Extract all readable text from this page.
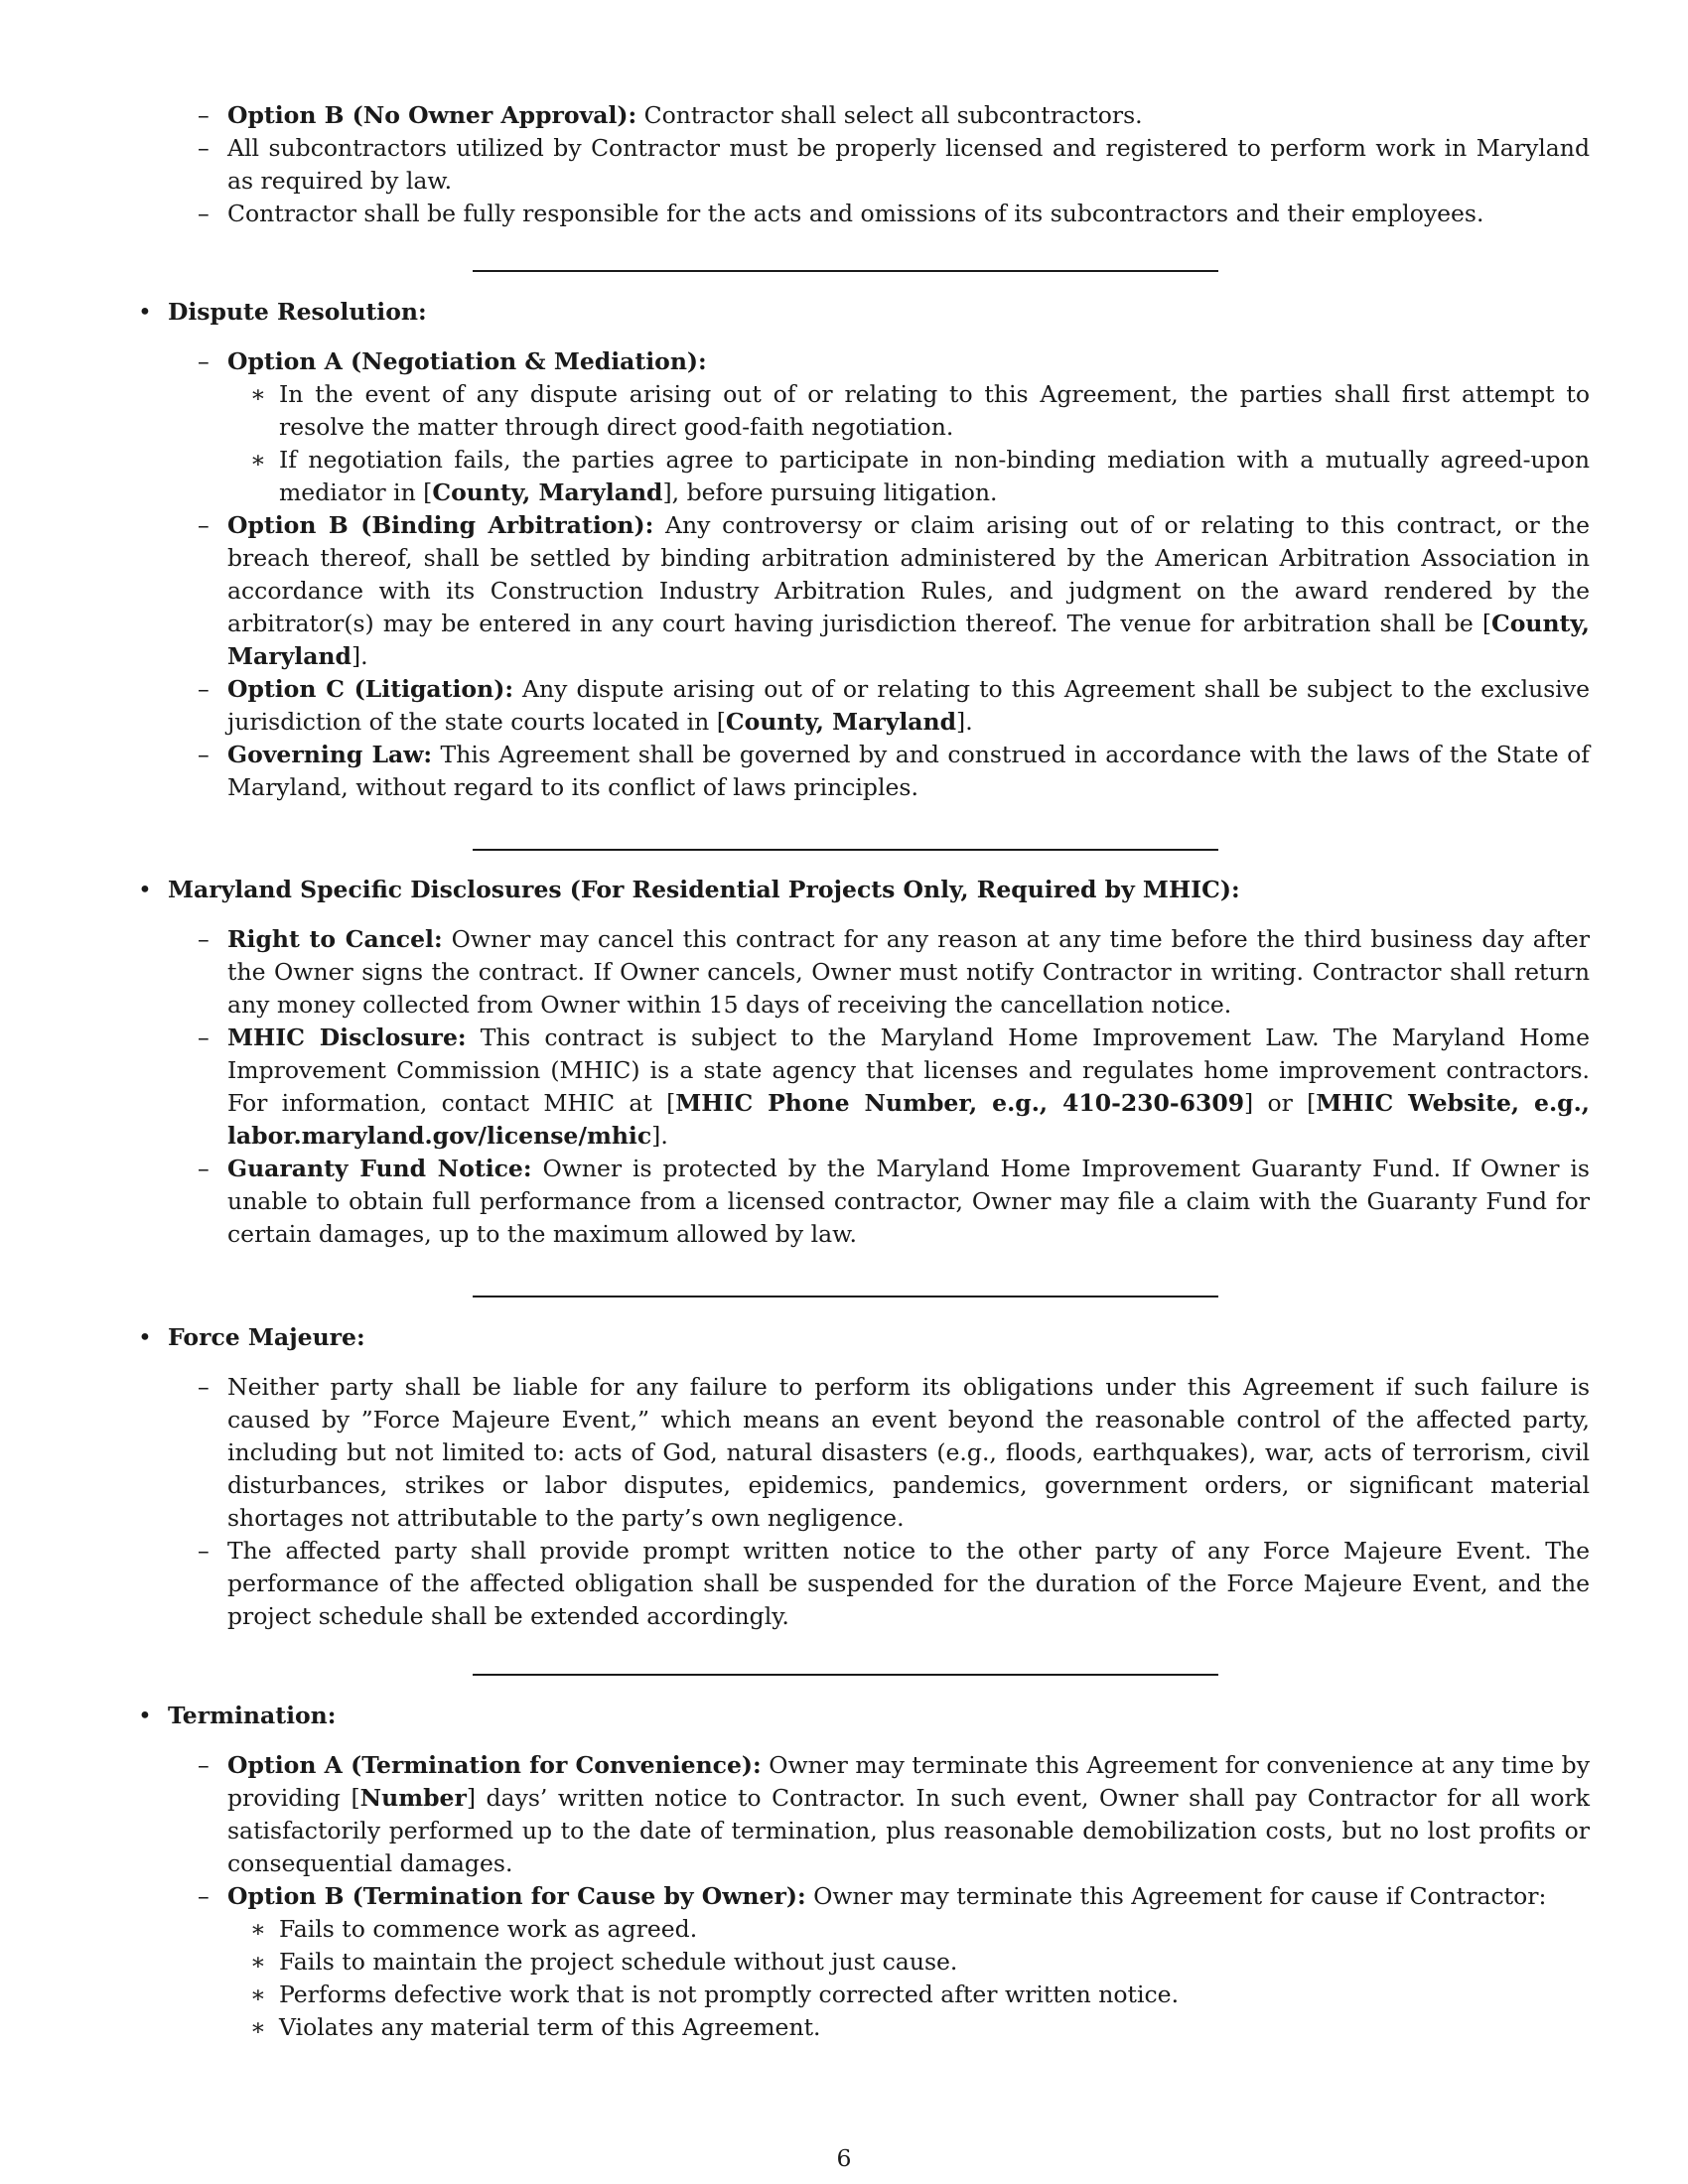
– Option B (No Owner Approval): Contractor shall select all subcontractors.
– All subcontractors utilized by Contractor must be properly licensed and registered to perform work in Maryland as required by law.
– Contractor shall be fully responsible for the acts and omissions of its subcontractors and their employees.
• Dispute Resolution:
– Option A (Negotiation & Mediation):
∗ In the event of any dispute arising out of or relating to this Agreement, the parties shall first attempt to resolve the matter through direct good-faith negotiation.
∗ If negotiation fails, the parties agree to participate in non-binding mediation with a mutually agreed-upon mediator in [County, Maryland], before pursuing litigation.
– Option B (Binding Arbitration): Any controversy or claim arising out of or relating to this contract, or the breach thereof, shall be settled by binding arbitration administered by the American Arbitration Association in accordance with its Construction Industry Arbitration Rules, and judgment on the award rendered by the arbitrator(s) may be entered in any court having jurisdiction thereof. The venue for arbitration shall be [County, Maryland].
– Option C (Litigation): Any dispute arising out of or relating to this Agreement shall be subject to the exclusive jurisdiction of the state courts located in [County, Maryland].
– Governing Law: This Agreement shall be governed by and construed in accordance with the laws of the State of Maryland, without regard to its conflict of laws principles.
• Maryland Specific Disclosures (For Residential Projects Only, Required by MHIC):
– Right to Cancel: Owner may cancel this contract for any reason at any time before the third business day after the Owner signs the contract. If Owner cancels, Owner must notify Contractor in writing. Contractor shall return any money collected from Owner within 15 days of receiving the cancellation notice.
– MHIC Disclosure: This contract is subject to the Maryland Home Improvement Law. The Maryland Home Improvement Commission (MHIC) is a state agency that licenses and regulates home improvement contractors. For information, contact MHIC at [MHIC Phone Number, e.g., 410-230-6309] or [MHIC Website, e.g., labor.maryland.gov/license/mhic].
– Guaranty Fund Notice: Owner is protected by the Maryland Home Improvement Guaranty Fund. If Owner is unable to obtain full performance from a licensed contractor, Owner may file a claim with the Guaranty Fund for certain damages, up to the maximum allowed by law.
• Force Majeure:
– Neither party shall be liable for any failure to perform its obligations under this Agreement if such failure is caused by ”Force Majeure Event,” which means an event beyond the reasonable control of the affected party, including but not limited to: acts of God, natural disasters (e.g., floods, earthquakes), war, acts of terrorism, civil disturbances, strikes or labor disputes, epidemics, pandemics, government orders, or significant material shortages not attributable to the party’s own negligence.
– The affected party shall provide prompt written notice to the other party of any Force Majeure Event. The performance of the affected obligation shall be suspended for the duration of the Force Majeure Event, and the project schedule shall be extended accordingly.
• Termination:
– Option A (Termination for Convenience): Owner may terminate this Agreement for convenience at any time by providing [Number] days’ written notice to Contractor. In such event, Owner shall pay Contractor for all work satisfactorily performed up to the date of termination, plus reasonable demobilization costs, but no lost profits or consequential damages.
– Option B (Termination for Cause by Owner): Owner may terminate this Agreement for cause if Contractor:
∗ Fails to commence work as agreed.
∗ Fails to maintain the project schedule without just cause.
∗ Performs defective work that is not promptly corrected after written notice.
∗ Violates any material term of this Agreement.
6
